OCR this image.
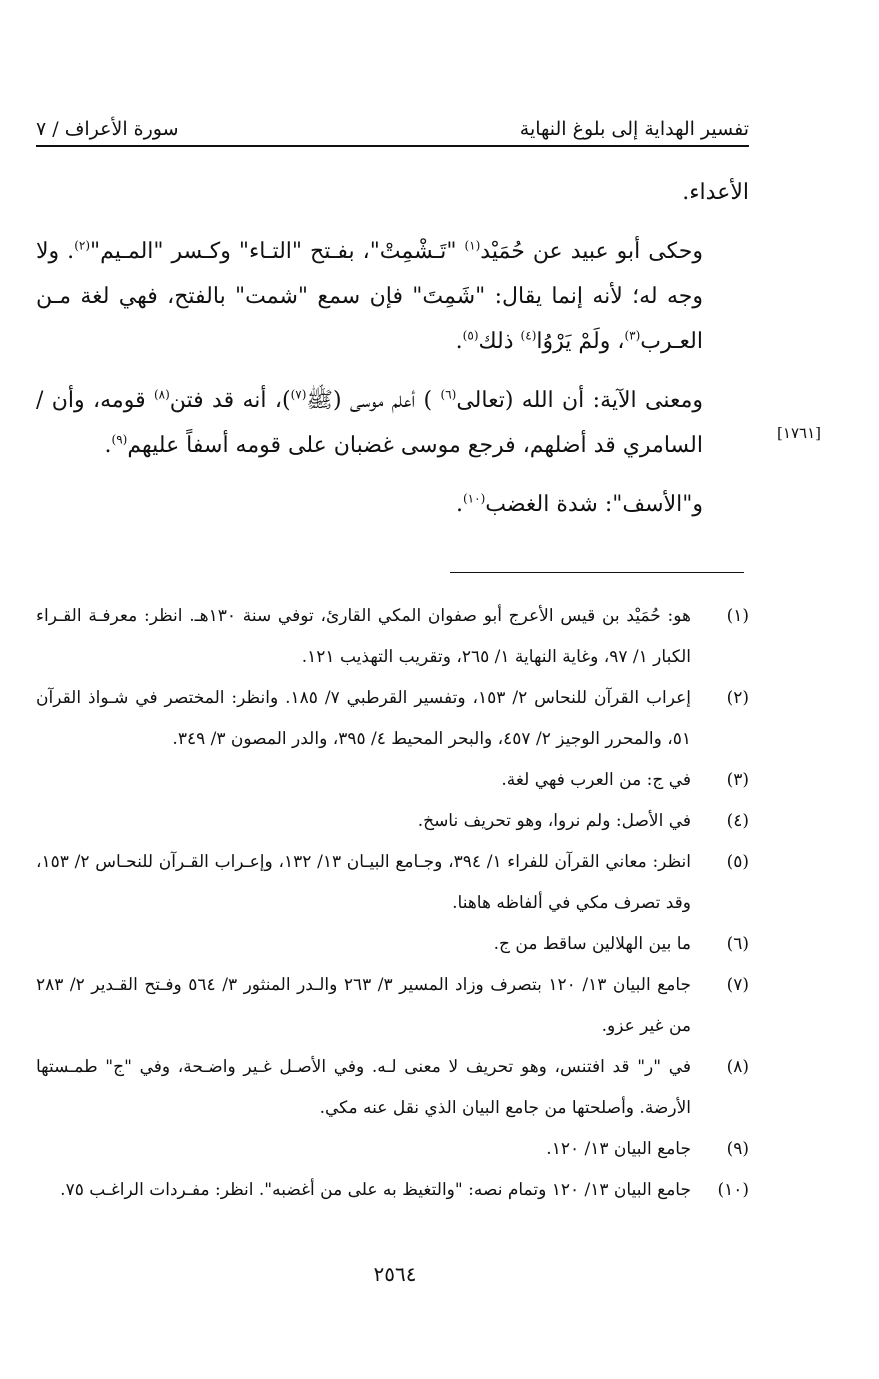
تفسير الهداية إلى بلوغ النهاية
سورة الأعراف / ٧
[١٧٦١]

الأعداء.

وحكى أبو عبيد عن حُمَيْد$^{(١)}$ "تَـشْمِتْ"، بفـتح "التـاء" وكـسر "المـيم"$^{(٢)}$. ولا وجه له؛ لأنه إنما يقال: "شَمِتَ" فإن سمع "شمت" بالفتح، فهي لغة مـن العـرب$^{(٣)}$، ولَمْ يَرْوُا$^{(٤)}$ ذلك$^{(٥)}$.

ومعنى الآية: أن الله (تعالى$^{(٦)}$ ) أعلم موسى (ﷺ$^{(٧)}$)، أنه قد فتن$^{(٨)}$ قومه، وأن / السامري قد أضلهم، فرجع موسى غضبان على قومه أسفاً عليهم$^{(٩)}$.

و"الأسف": شدة الغضب$^{(١٠)}$.

(١)
هو: حُمَيْد بن قيس الأعرج أبو صفوان المكي القارئ، توفي سنة ١٣٠هـ. انظر: معرفـة القـراء الكبار ١/ ٩٧، وغاية النهاية ١/ ٢٦٥، وتقريب التهذيب ١٢١.
(٢)
إعراب القرآن للنحاس ٢/ ١٥٣، وتفسير القرطبي ٧/ ١٨٥. وانظر: المختصر في شـواذ القرآن ٥١، والمحرر الوجيز ٢/ ٤٥٧، والبحر المحيط ٤/ ٣٩٥، والدر المصون ٣/ ٣٤٩.
(٣)
في ج: من العرب فهي لغة.
(٤)
في الأصل: ولم نروا، وهو تحريف ناسخ.
(٥)
انظر: معاني القرآن للفراء ١/ ٣٩٤، وجـامع البيـان ١٣/ ١٣٢، وإعـراب القـرآن للنحـاس ٢/ ١٥٣، وقد تصرف مكي في ألفاظه هاهنا.
(٦)
ما بين الهلالين ساقط من ج.
(٧)
جامع البيان ١٣/ ١٢٠ بتصرف وزاد المسير ٣/ ٢٦٣ والـدر المنثور ٣/ ٥٦٤ وفـتح القـدير ٢/ ٢٨٣ من غير عزو.
(٨)
في "ر" قد افتنس، وهو تحريف لا معنى لـه. وفي الأصـل غـير واضـحة، وفي "ج" طمـستها الأرضة. وأصلحتها من جامع البيان الذي نقل عنه مكي.
(٩)
جامع البيان ١٣/ ١٢٠.
(١٠)
جامع البيان ١٣/ ١٢٠ وتمام نصه: "والتغيظ به على من أغضبه". انظر: مفـردات الراغـب ٧٥.
٢٥٦٤
